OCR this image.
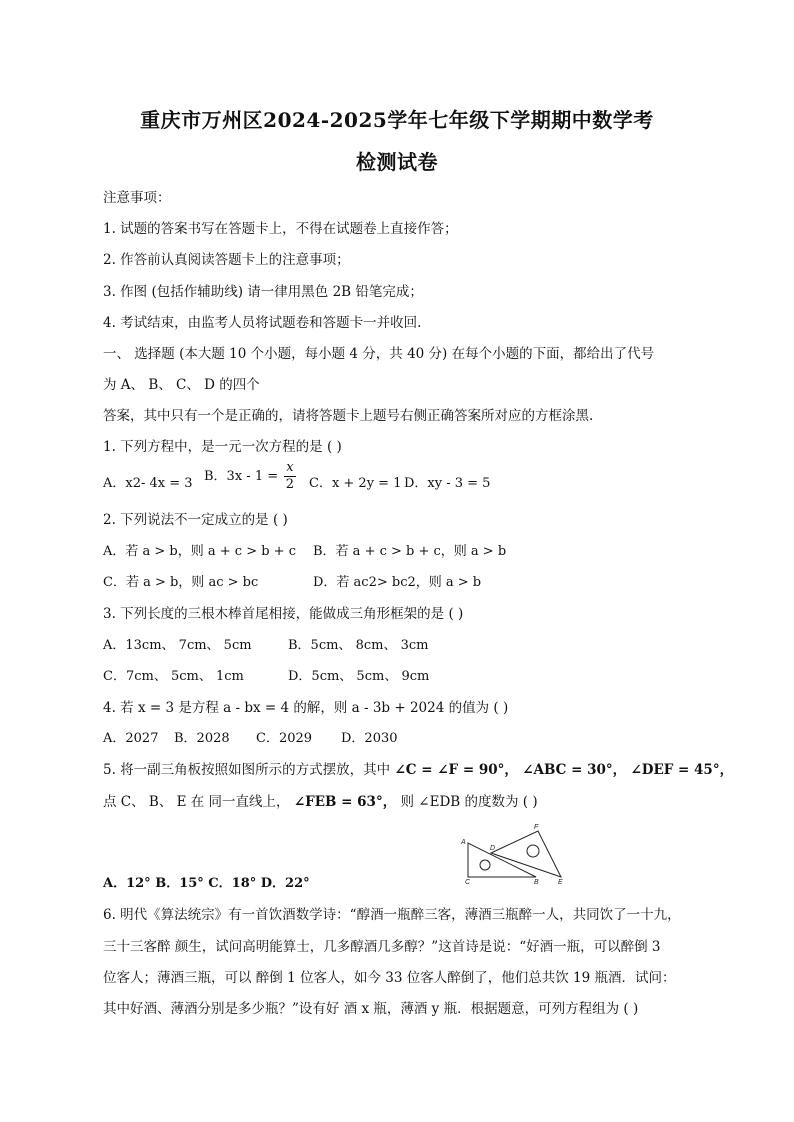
重庆市万州区2024-2025学年七年级下学期期中数学考
检测试卷
注意事项：
1. 试题的答案书写在答题卡上，不得在试题卷上直接作答；
2. 作答前认真阅读答题卡上的注意事项；
3. 作图 (包括作辅助线) 请一律用黑色 2B 铅笔完成；
4. 考试结束，由监考人员将试题卷和答题卡一并收回.
一、 选择题 (本大题 10 个小题，每小题 4 分，共 40 分) 在每个小题的下面，都给出了代号
为 A、 B、 C、 D 的四个
答案，其中只有一个是正确的，请将答题卡上题号右侧正确答案所对应的方框涂黑.
1. 下列方程中，是一元一次方程的是 ( )
A．x2- 4x = 3 B．$3x - 1 = \frac{x}{2}$ C．x + 2y = 1 D．xy - 3 = 5
2. 下列说法不一定成立的是 ( )
A．若 a > b，则 a + c > b + c B．若 a + c > b + c，则 a > b
C．若 a > b，则 ac > bc	D．若 ac2> bc2，则 a > b
3. 下列长度的三根木棒首尾相接，能做成三角形框架的是 ( )
A．13cm、 7cm、 5cm	B．5cm、 8cm、 3cm
C．7cm、 5cm、 1cm	D．5cm、 5cm、 9cm
4. 若 x = 3 是方程 a - bx = 4 的解，则 a - 3b + 2024 的值为 ( )
A．2027 B．2028 C．2029 D．2030
5. 将一副三角板按照如图所示的方式摆放，其中 ∠C = ∠F = 90°， ∠ABC = 30°， ∠DEF = 45°，
点 C、 B、 E 在 同一直线上， ∠FEB = 63°， 则 ∠EDB 的度数为 ( )
A
D
F
C	B	E
A．12° B．15° C．18° D．22°
6. 明代《算法统宗》有一首饮酒数学诗：“醇酒一瓶醉三客，薄酒三瓶醉一人，共同饮了一十九，
三十三客醉 颜生，试问高明能算士，几多醇酒几多醇？”这首诗是说：“好酒一瓶，可以醉倒 3
位客人；薄酒三瓶，可以 醉倒 1 位客人，如今 33 位客人醉倒了，他们总共饮 19 瓶酒．试问：
其中好酒、薄酒分别是多少瓶？”设有好 酒 x 瓶，薄酒 y 瓶．根据题意，可列方程组为 ( )
